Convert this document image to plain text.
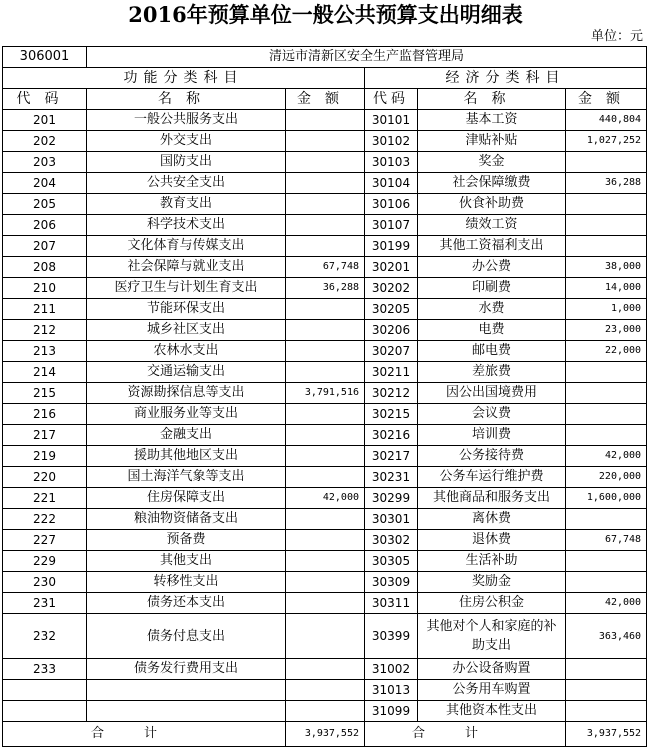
2016年预算单位一般公共预算支出明细表
单位：元
306001	清远市清新区安全生产监督管理局				
功能分类科目			经济分类科目		
代码	名称	金额	代码	名称	金额
201	一般公共服务支出		30101	基本工资	440,804
202	外交支出		30102	津贴补贴	1,027,252
203	国防支出		30103	奖金	
204	公共安全支出		30104	社会保障缴费	36,288
205	教育支出		30106	伙食补助费	
206	科学技术支出		30107	绩效工资	
207	文化体育与传媒支出		30199	其他工资福利支出	
208	社会保障与就业支出	67,748	30201	办公费	38,000
210	医疗卫生与计划生育支出	36,288	30202	印刷费	14,000
211	节能环保支出		30205	水费	1,000
212	城乡社区支出		30206	电费	23,000
213	农林水支出		30207	邮电费	22,000
214	交通运输支出		30211	差旅费	
215	资源勘探信息等支出	3,791,516	30212	因公出国境费用	
216	商业服务业等支出		30215	会议费	
217	金融支出		30216	培训费	
219	援助其他地区支出		30217	公务接待费	42,000
220	国土海洋气象等支出		30231	公务车运行维护费	220,000
221	住房保障支出	42,000	30299	其他商品和服务支出	1,600,000
222	粮油物资储备支出		30301	离休费	
227	预备费		30302	退休费	67,748
229	其他支出		30305	生活补助	
230	转移性支出		30309	奖励金	
231	债务还本支出		30311	住房公积金	42,000
232	债务付息支出		30399	其他对个人和家庭的补助支出	363,460
233	债务发行费用支出		31002	办公设备购置	
			31013	公务用车购置	
			31099	其他资本性支出	
合计		3,937,552	合计		3,937,552
